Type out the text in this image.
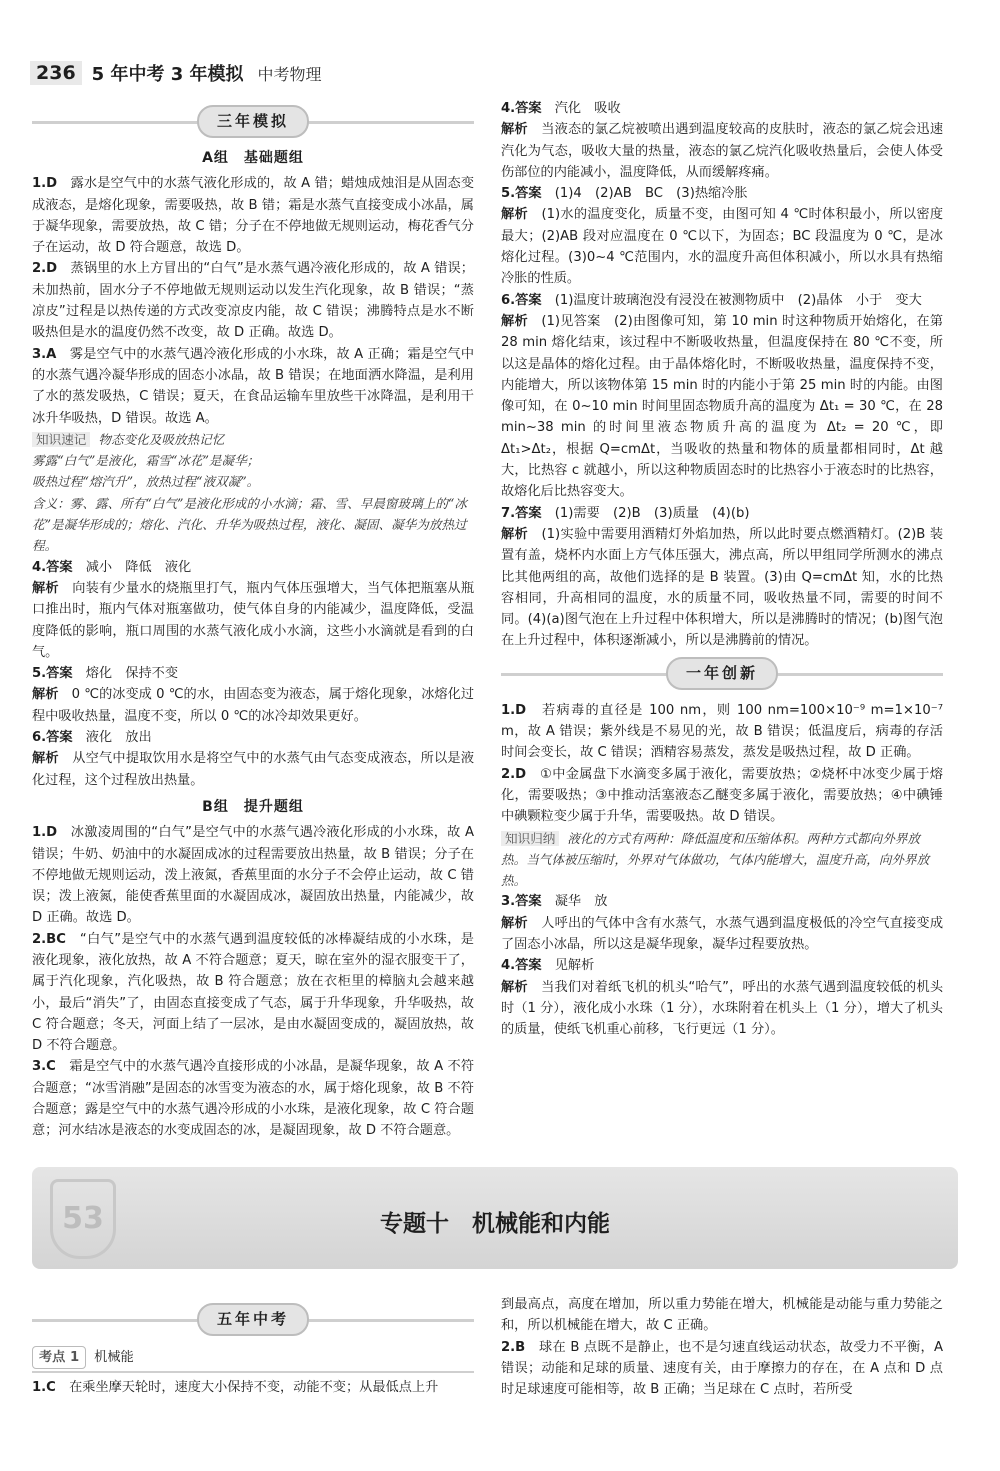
236 5 年中考 3 年模拟 中考物理
三年模拟
A组　基础题组

1.D　 露水是空气中的水蒸气液化形成的，故 A 错；蜡烛成烛泪是从固态变成液态，是熔化现象，需要吸热，故 B 错；霜是水蒸气直接变成小冰晶，属于凝华现象，需要放热，故 C 错；分子在不停地做无规则运动，梅花香气分子在运动，故 D 符合题意，故选 D。

2.D　 蒸锅里的水上方冒出的“白气”是水蒸气遇冷液化形成的，故 A 错误；未加热前，固水分子不停地做无规则运动以发生汽化现象，故 B 错误；“蒸凉皮”过程是以热传递的方式改变凉皮内能，故 C 错误；沸腾特点是水不断吸热但是水的温度仍然不改变，故 D 正确。故选 D。

3.A　 雾是空气中的水蒸气遇冷液化形成的小水珠，故 A 正确；霜是空气中的水蒸气遇冷凝华形成的固态小冰晶，故 B 错误；在地面洒水降温，是利用了水的蒸发吸热，C 错误；夏天，在食品运输车里放些干冰降温，是利用干冰升华吸热，D 错误。故选 A。

知识速记 物态变化及吸放热记忆
雾露“白气”是液化，霜雪“冰花”是凝华；
吸热过程“熔汽升”，放热过程“液双凝”。
含义：雾、露、所有“白气”是液化形成的小水滴；霜、雪、早晨窗玻璃上的“冰花”是凝华形成的；熔化、汽化、升华为吸热过程，液化、凝固、凝华为放热过程。

4.答案　 减小　降低　液化

解析　 向装有少量水的烧瓶里打气，瓶内气体压强增大，当气体把瓶塞从瓶口推出时，瓶内气体对瓶塞做功，使气体自身的内能减少，温度降低，受温度降低的影响，瓶口周围的水蒸气液化成小水滴，这些小水滴就是看到的白气。

5.答案　 熔化　保持不变

解析　 0 ℃的冰变成 0 ℃的水，由固态变为液态，属于熔化现象，冰熔化过程中吸收热量，温度不变，所以 0 ℃的冰冷却效果更好。

6.答案　 液化　放出

解析　 从空气中提取饮用水是将空气中的水蒸气由气态变成液态，所以是液化过程，这个过程放出热量。

B组　提升题组

1.D　 冰激凌周围的“白气”是空气中的水蒸气遇冷液化形成的小水珠，故 A 错误；牛奶、奶油中的水凝固成冰的过程需要放出热量，故 B 错误；分子在不停地做无规则运动，泼上液氮，香蕉里面的水分子不会停止运动，故 C 错误；泼上液氮，能使香蕉里面的水凝固成冰，凝固放出热量，内能减少，故 D 正确。故选 D。

2.BC　 “白气”是空气中的水蒸气遇到温度较低的冰棒凝结成的小水珠，是液化现象，液化放热，故 A 不符合题意；夏天，晾在室外的湿衣服变干了，属于汽化现象，汽化吸热，故 B 符合题意；放在衣柜里的樟脑丸会越来越小，最后“消失”了，由固态直接变成了气态，属于升华现象，升华吸热，故 C 符合题意；冬天，河面上结了一层冰，是由水凝固变成的，凝固放热，故 D 不符合题意。

3.C　 霜是空气中的水蒸气遇冷直接形成的小冰晶，是凝华现象，故 A 不符合题意；“冰雪消融”是固态的冰雪变为液态的水，属于熔化现象，故 B 不符合题意；露是空气中的水蒸气遇冷形成的小水珠，是液化现象，故 C 符合题意；河水结冰是液态的水变成固态的冰，是凝固现象，故 D 不符合题意。

4.答案　 汽化　吸收

解析　 当液态的氯乙烷被喷出遇到温度较高的皮肤时，液态的氯乙烷会迅速汽化为气态，吸收大量的热量，液态的氯乙烷汽化吸收热量后，会使人体受伤部位的内能减小，温度降低，从而缓解疼痛。

5.答案　 (1)4　(2)AB　BC　(3)热缩冷胀

解析　 (1)水的温度变化，质量不变，由图可知 4 ℃时体积最小，所以密度最大；(2)AB 段对应温度在 0 ℃以下，为固态；BC 段温度为 0 ℃，是冰熔化过程。(3)0~4 ℃范围内，水的温度升高但体积减小，所以水具有热缩冷胀的性质。

6.答案　 (1)温度计玻璃泡没有浸没在被测物质中　(2)晶体　小于　变大

解析　 (1)见答案　(2)由图像可知，第 10 min 时这种物质开始熔化，在第 28 min 熔化结束，该过程中不断吸收热量，但温度保持在 80 ℃不变，所以这是晶体的熔化过程。由于晶体熔化时，不断吸收热量，温度保持不变，内能增大，所以该物体第 15 min 时的内能小于第 25 min 时的内能。由图像可知，在 0~10 min 时间里固态物质升高的温度为 Δt₁ = 30 ℃，在 28 min~38 min 的时间里液态物质升高的温度为 Δt₂ = 20 ℃，即 Δt₁>Δt₂，根据 Q=cmΔt，当吸收的热量和物体的质量都相同时，Δt 越大，比热容 c 就越小，所以这种物质固态时的比热容小于液态时的比热容，故熔化后比热容变大。

7.答案　 (1)需要　(2)B　(3)质量　(4)(b)

解析　 (1)实验中需要用酒精灯外焰加热，所以此时要点燃酒精灯。(2)B 装置有盖，烧杯内水面上方气体压强大，沸点高，所以甲组同学所测水的沸点比其他两组的高，故他们选择的是 B 装置。(3)由 Q=cmΔt 知，水的比热容相同，升高相同的温度，水的质量不同，吸收热量不同，需要的时间不同。(4)(a)图气泡在上升过程中体积增大，所以是沸腾时的情况；(b)图气泡在上升过程中，体积逐渐减小，所以是沸腾前的情况。

一年创新

1.D　 若病毒的直径是 100 nm，则 100 nm=100×10⁻⁹ m=1×10⁻⁷ m，故 A 错误；紫外线是不易见的光，故 B 错误；低温度后，病毒的存活时间会变长，故 C 错误；酒精容易蒸发，蒸发是吸热过程，故 D 正确。

2.D　 ①中金属盘下水滴变多属于液化，需要放热；②烧杯中冰变少属于熔化，需要吸热；③中推动活塞液态乙醚变多属于液化，需要放热；④中碘锤中碘颗粒变少属于升华，需要吸热。故 D 错误。

知识归纳 液化的方式有两种：降低温度和压缩体积。两种方式都向外界放热。当气体被压缩时，外界对气体做功，气体内能增大，温度升高，向外界放热。

3.答案　 凝华　放

解析　 人呼出的气体中含有水蒸气，水蒸气遇到温度极低的冷空气直接变成了固态小冰晶，所以这是凝华现象，凝华过程要放热。

4.答案　 见解析

解析　 当我们对着纸飞机的机头“哈气”，呼出的水蒸气遇到温度较低的机头时（1 分），液化成小水珠（1 分），水珠附着在机头上（1 分），增大了机头的质量，使纸飞机重心前移，飞行更远（1 分）。

53	专题十　机械能和内能
五年中考
考点 1	机械能

1.C　 在乘坐摩天轮时，速度大小保持不变，动能不变；从最低点上升

到最高点，高度在增加，所以重力势能在增大，机械能是动能与重力势能之和，所以机械能在增大，故 C 正确。

2.B　 球在 B 点既不是静止，也不是匀速直线运动状态，故受力不平衡，A 错误；动能和足球的质量、速度有关，由于摩擦力的存在，在 A 点和 D 点时足球速度可能相等，故 B 正确；当足球在 C 点时，若所受
